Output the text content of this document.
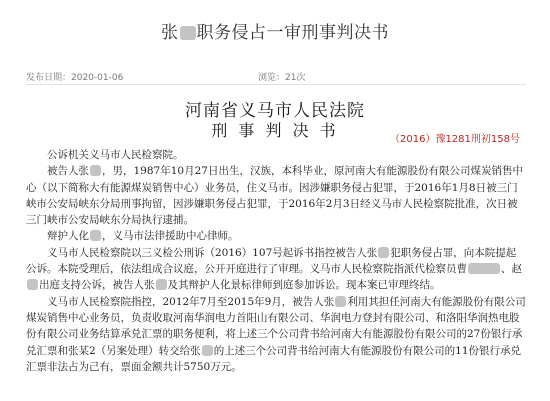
张 职务侵占一审刑事判决书
发布日期：2020-01-06	浏览：21次
河南省义马市人民法院
刑 事 判 决 书	（2016）豫1281刑初158号

公诉机关义马市人民检察院。

被告人张 ，男，1987年10月27日出生，汉族，本科毕业，原河南大有能源股份有限公司煤炭销售中心（以下简称大有能源煤炭销售中心）业务员，住义马市。因涉嫌职务侵占犯罪，于2016年1月8日被三门峡市公安局峡东分局刑事拘留，因涉嫌职务侵占犯罪，于2016年2月3日经义马市人民检察院批准，次日被三门峡市公安局峡东分局执行逮捕。

辩护人化 ，义马市法律援助中心律师。

义马市人民检察院以三义检公刑诉（2016）107号起诉书指控被告人张 犯职务侵占罪，向本院提起公诉。本院受理后，依法组成合议庭，公开开庭进行了审理。义马市人民检察院指派代检察员曹	、赵出庭支持公诉，被告人张 及其辩护人化景标律师到庭参加诉讼。现本案已审理终结。

义马市人民检察院指控，2012年7月至2015年9月，被告人张 利用其担任河南大有能源股份有限公司煤炭销售中心业务员，负责收取河南华润电力首阳山有限公司、华润电力登封有限公司、和洛阳华润热电股份有限公司业务结算承兑汇票的职务便利，将上述三个公司背书给河南大有能源股份有限公司的27份银行承兑汇票和张某2（另案处理）转交给张 的上述三个公司背书给河南大有能源股份有限公司的11份银行承兑汇票非法占为己有，票面金额共计5750万元。
